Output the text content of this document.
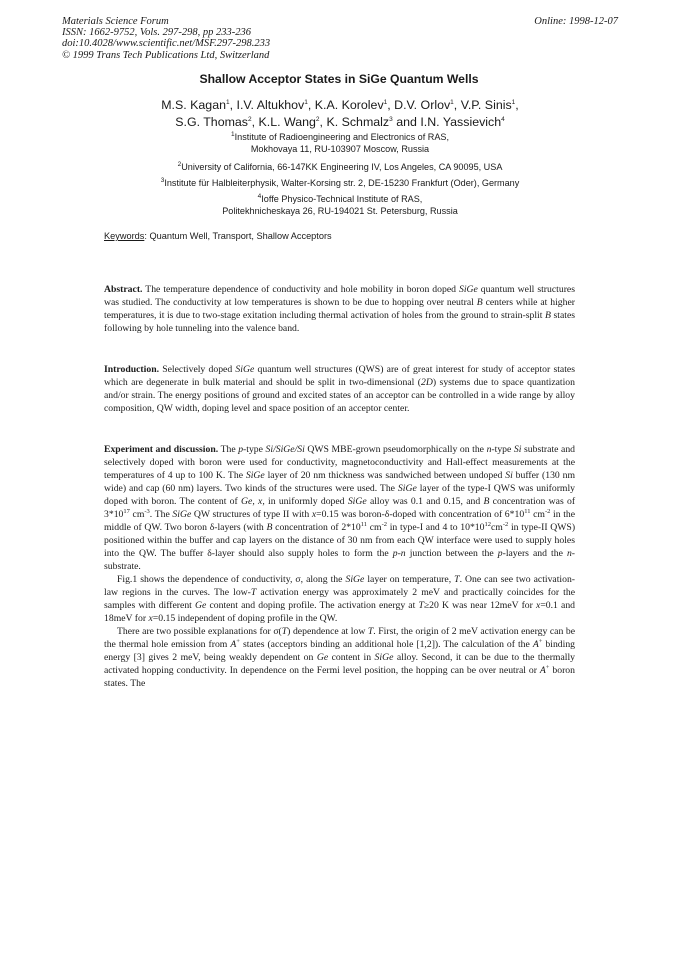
Materials Science Forum
ISSN: 1662-9752, Vols. 297-298, pp 233-236
doi:10.4028/www.scientific.net/MSF.297-298.233
© 1999 Trans Tech Publications Ltd, Switzerland
Online: 1998-12-07
Shallow Acceptor States in SiGe Quantum Wells
M.S. Kagan$^1$, I.V. Altukhov$^1$, K.A. Korolev$^1$, D.V. Orlov$^1$, V.P. Sinis$^1$,
S.G. Thomas$^2$, K.L. Wang$^2$, K. Schmalz$^3$ and I.N. Yassievich$^4$
$^1$Institute of Radioengineering and Electronics of RAS,
Mokhovaya 11, RU-103907 Moscow, Russia
$^2$University of California, 66-147KK Engineering IV, Los Angeles, CA 90095, USA
$^3$Institute für Halbleiterphysik, Walter-Korsing str. 2, DE-15230 Frankfurt (Oder), Germany
$^4$Ioffe Physico-Technical Institute of RAS,
Politekhnicheskaya 26, RU-194021 St. Petersburg, Russia
Keywords: Quantum Well, Transport, Shallow Acceptors
Abstract. The temperature dependence of conductivity and hole mobility in boron doped SiGe quantum well structures was studied. The conductivity at low temperatures is shown to be due to hopping over neutral B centers while at higher temperatures, it is due to two-stage exitation including thermal activation of holes from the ground to strain-split B states following by hole tunneling into the valence band.
Introduction. Selectively doped SiGe quantum well structures (QWS) are of great interest for study of acceptor states which are degenerate in bulk material and should be split in two-dimensional (2D) systems due to space quantization and/or strain. The energy positions of ground and excited states of an acceptor can be controlled in a wide range by alloy composition, QW width, doping level and space position of an acceptor center.
Experiment and discussion. The p-type Si/SiGe/Si QWS MBE-grown pseudomorphically on the n-type Si substrate and selectively doped with boron were used for conductivity, magnetoconductivity and Hall-effect measurements at the temperatures of 4 up to 100 K. The SiGe layer of 20 nm thickness was sandwiched between undoped Si buffer (130 nm wide) and cap (60 nm) layers. Two kinds of the structures were used. The SiGe layer of the type-I QWS was uniformly doped with boron. The content of Ge, x, in uniformly doped SiGe alloy was 0.1 and 0.15, and B concentration was of $3*10^{17}$ $cm^{-3}$. The SiGe QW structures of type II with x=0.15 was boron-δ-doped with concentration of $6*10^{11}$ $cm^{-2}$ in the middle of QW. Two boron δ-layers (with B concentration of $2*10^{11}$ $cm^{-2}$ in type-I and 4 to $10*10^{12}cm^{-2}$ in type-II QWS) positioned within the buffer and cap layers on the distance of 30 nm from each QW interface were used to supply holes into the QW. The buffer δ-layer should also supply holes to form the p-n junction between the p-layers and the n-substrate.
Fig.1 shows the dependence of conductivity, σ, along the SiGe layer on temperature, T. One can see two activation-law regions in the curves. The low-T activation energy was approximately 2 meV and practically coincides for the samples with different Ge content and doping profile. The activation energy at T≥20 K was near 12meV for x=0.1 and 18meV for x=0.15 independent of doping profile in the QW.
There are two possible explanations for σ(T) dependence at low T. First, the origin of 2 meV activation energy can be the thermal hole emission from A+ states (acceptors binding an additional hole [1,2]). The calculation of the A+ binding energy [3] gives 2 meV, being weakly dependent on Ge content in SiGe alloy. Second, it can be due to the thermally activated hopping conductivity. In dependence on the Fermi level position, the hopping can be over neutral or A+ boron states. The
